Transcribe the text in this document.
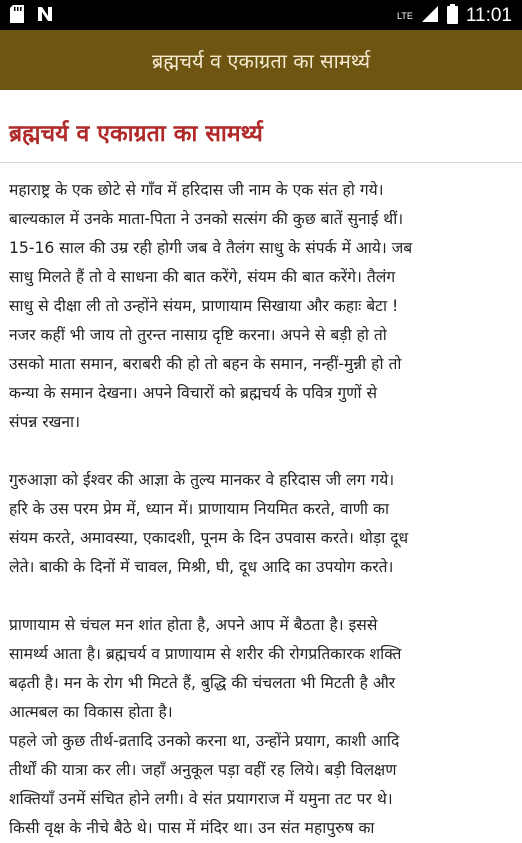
LTE	11:01
ब्रह्मचर्य व एकाग्रता का सामर्थ्य
ब्रह्मचर्य व एकाग्रता का सामर्थ्य

महाराष्ट्र के एक छोटे से गाँव में हरिदास जी नाम के एक संत हो गये।
बाल्यकाल में उनके माता-पिता ने उनको सत्संग की कुछ बातें सुनाई थीं।
15-16 साल की उम्र रही होगी जब वे तैलंग साधु के संपर्क में आये। जब
साधु मिलते हैं तो वे साधना की बात करेंगे, संयम की बात करेंगे। तैलंग
साधु से दीक्षा ली तो उन्होंने संयम, प्राणायाम सिखाया और कहाः बेटा !
नजर कहीं भी जाय तो तुरन्त नासाग्र दृष्टि करना। अपने से बड़ी हो तो
उसको माता समान, बराबरी की हो तो बहन के समान, नन्हीं-मुन्नी हो तो
कन्या के समान देखना। अपने विचारों को ब्रह्मचर्य के पवित्र गुणों से
संपन्न रखना।

गुरुआज्ञा को ईश्वर की आज्ञा के तुल्य मानकर वे हरिदास जी लग गये।
हरि के उस परम प्रेम में, ध्यान में। प्राणायाम नियमित करते, वाणी का
संयम करते, अमावस्या, एकादशी, पूनम के दिन उपवास करते। थोड़ा दूध
लेते। बाकी के दिनों में चावल, मिश्री, घी, दूध आदि का उपयोग करते।

प्राणायाम से चंचल मन शांत होता है, अपने आप में बैठता है। इससे
सामर्थ्य आता है। ब्रह्मचर्य व प्राणायाम से शरीर की रोगप्रतिकारक शक्ति
बढ़ती है। मन के रोग भी मिटते हैं, बुद्धि की चंचलता भी मिटती है और
आत्मबल का विकास होता है।

पहले जो कुछ तीर्थ-व्रतादि उनको करना था, उन्होंने प्रयाग, काशी आदि
तीर्थों की यात्रा कर ली। जहाँ अनुकूल पड़ा वहीं रह लिये। बड़ी विलक्षण
शक्तियाँ उनमें संचित होने लगी। वे संत प्रयागराज में यमुना तट पर थे।
किसी वृक्ष के नीचे बैठे थे। पास में मंदिर था। उन संत महापुरुष का
